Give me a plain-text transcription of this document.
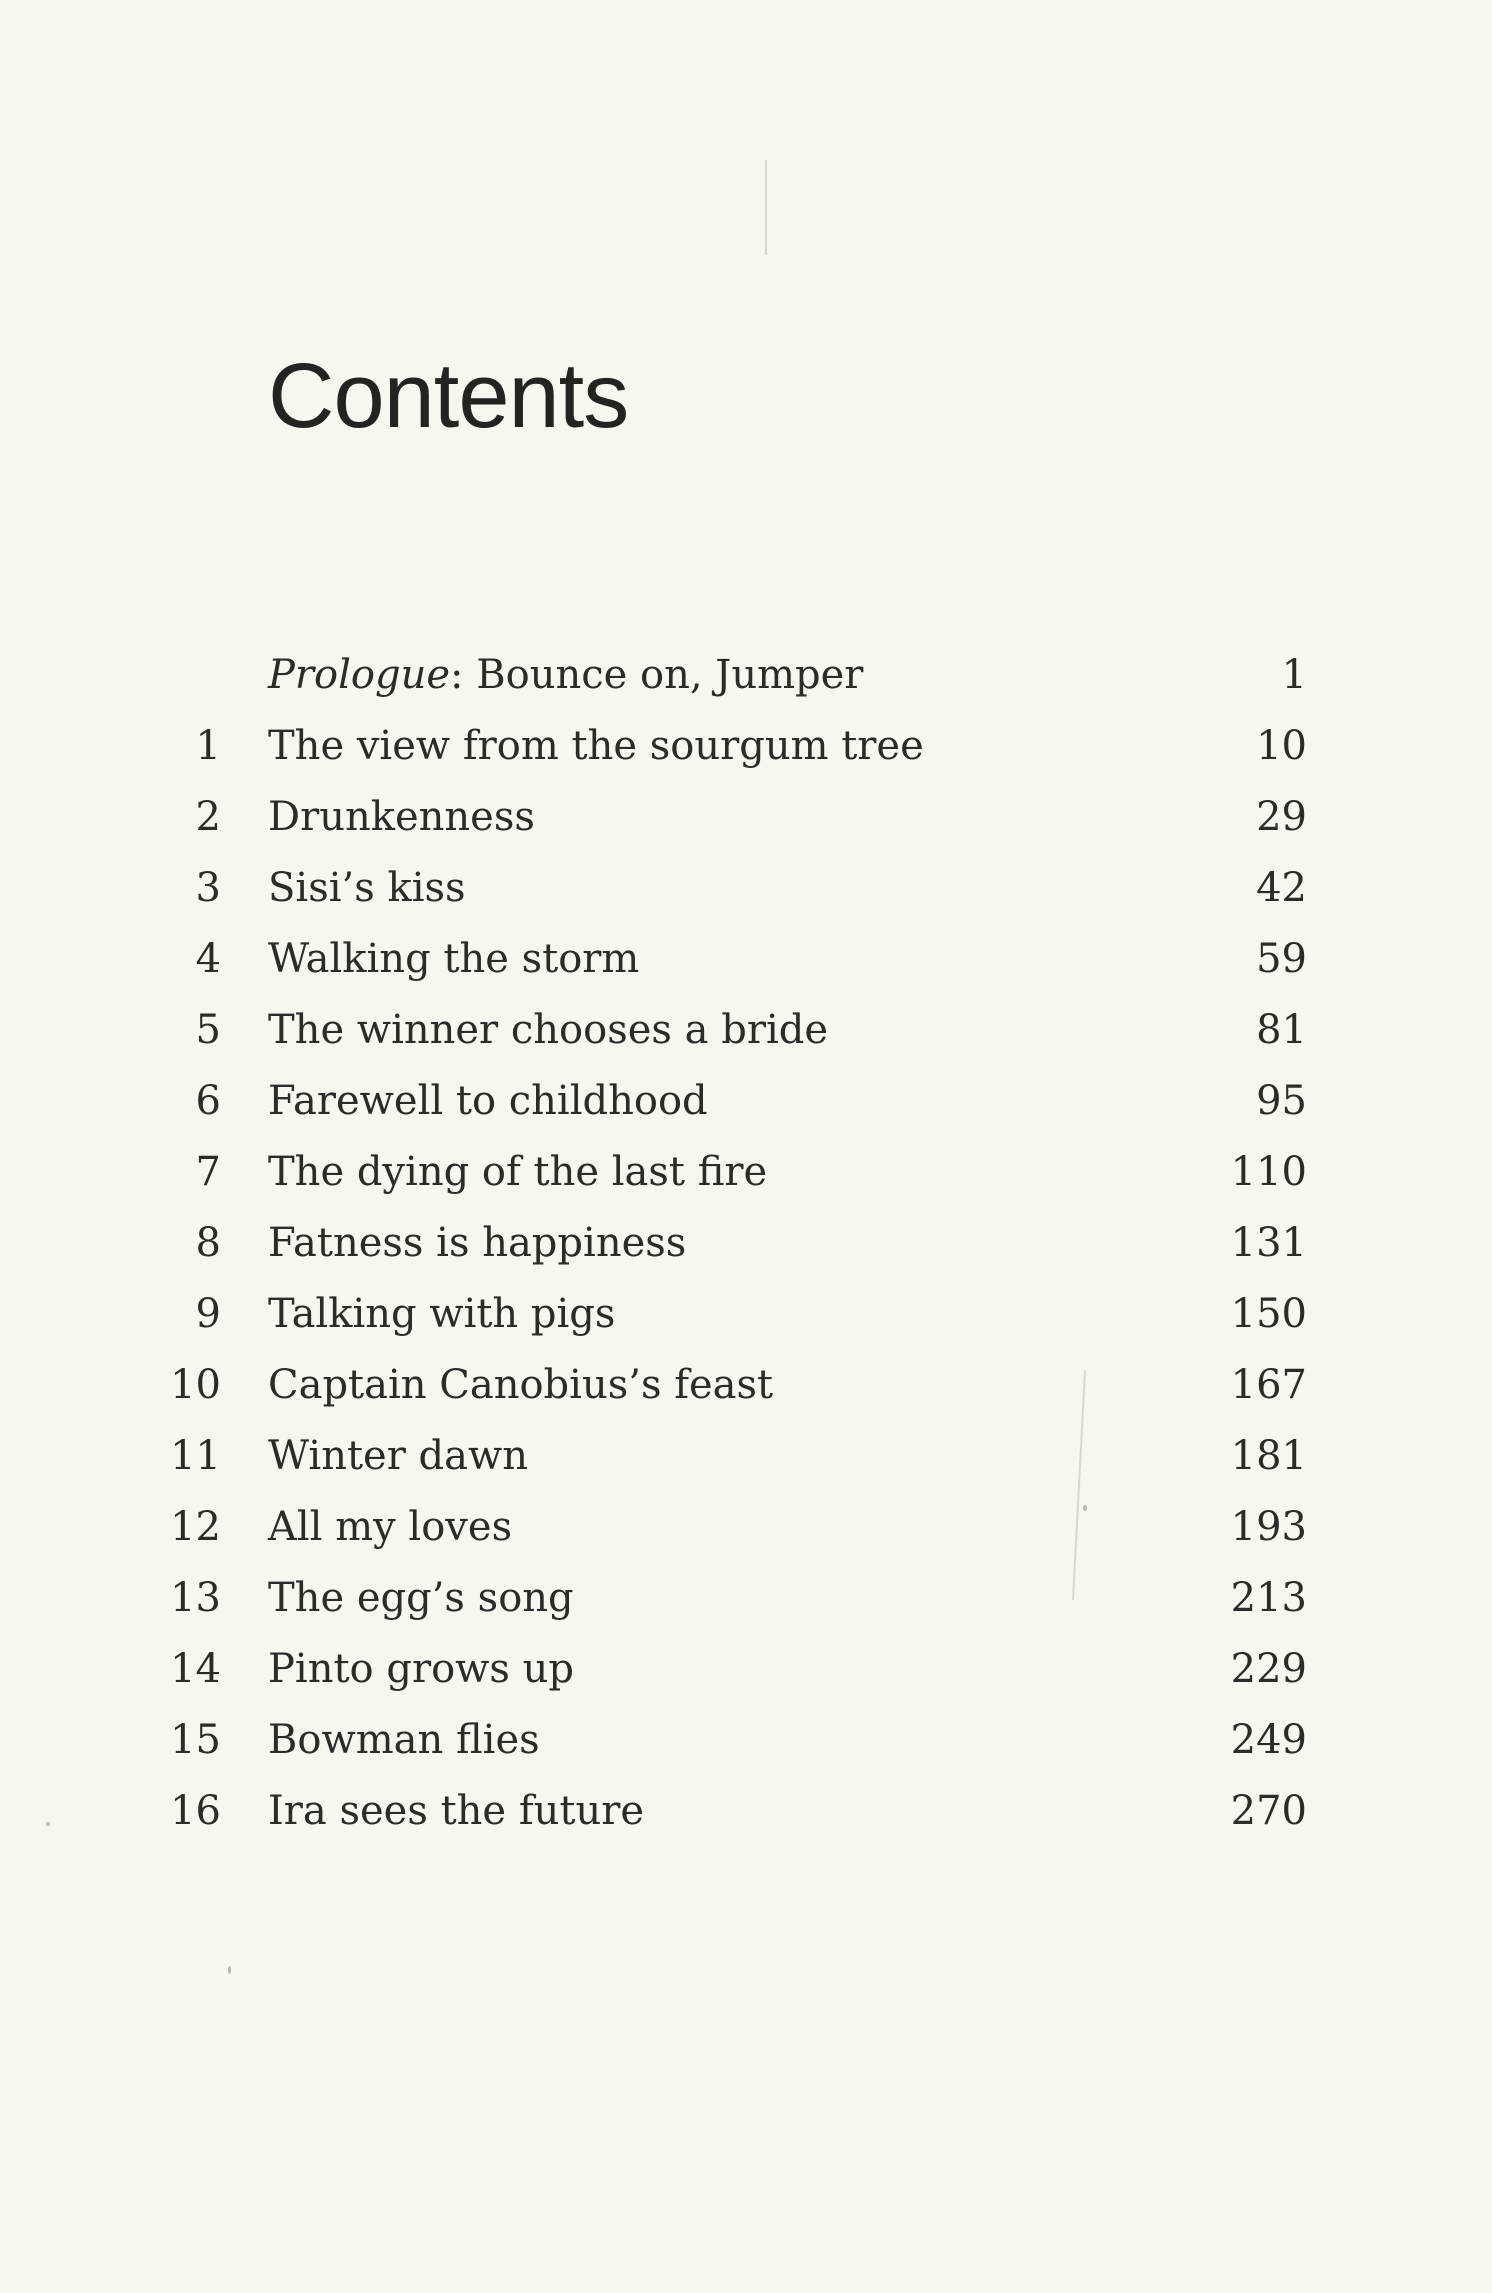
Contents
Prologue: Bounce on, Jumper	1
1 The view from the sourgum tree	10
2 Drunkenness	29
3 Sisi’s kiss	42
4 Walking the storm	59
5 The winner chooses a bride	81
6 Farewell to childhood	95
7 The dying of the last fire	110
8 Fatness is happiness	131
9 Talking with pigs	150
10 Captain Canobius’s feast	167
11 Winter dawn	181
12 All my loves	193
13 The egg’s song	213
14 Pinto grows up	229
15 Bowman flies	249
16 Ira sees the future	270
